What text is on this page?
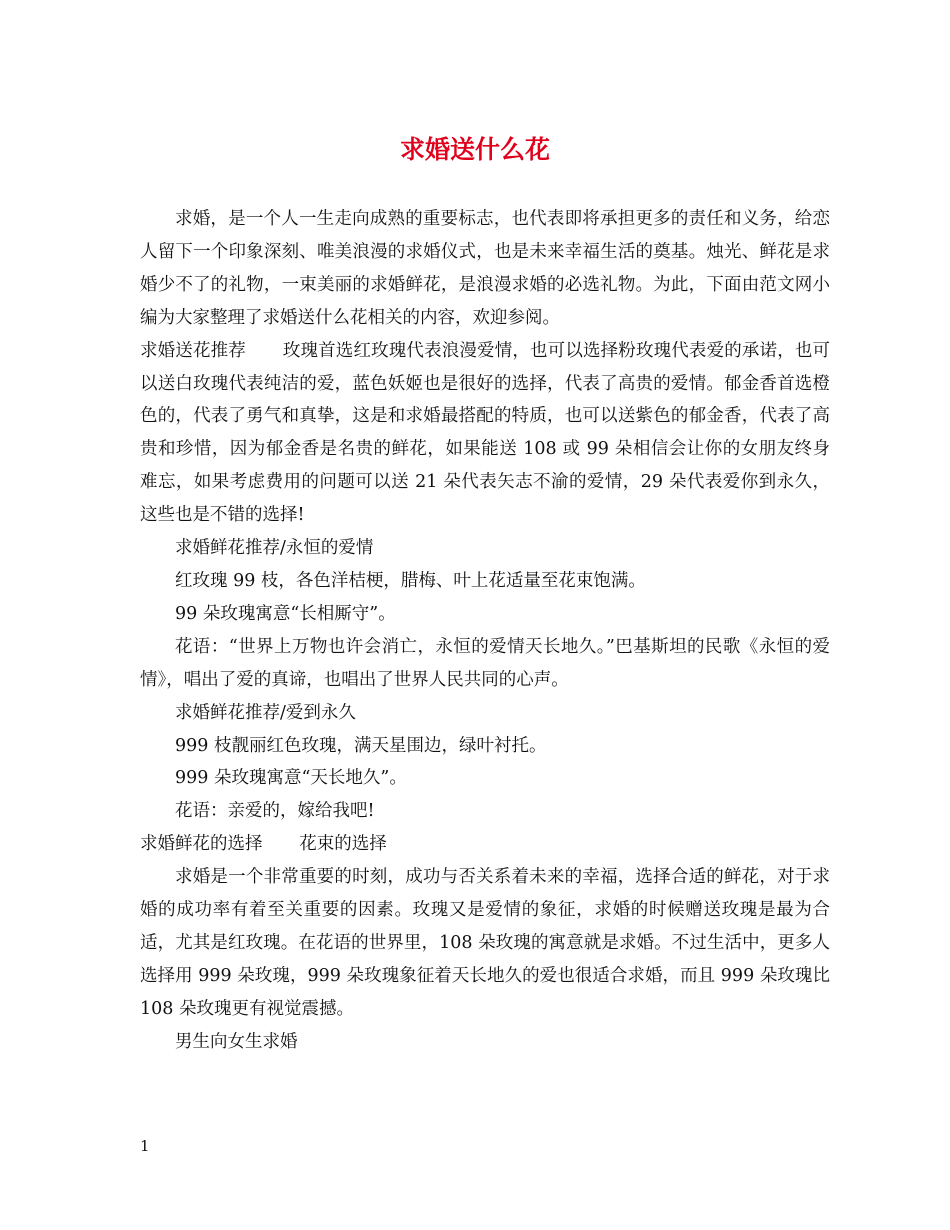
求婚送什么花

求婚，是一个人一生走向成熟的重要标志，也代表即将承担更多的责任和义务，给恋人留下一个印象深刻、唯美浪漫的求婚仪式，也是未来幸福生活的奠基。烛光、鲜花是求婚少不了的礼物，一束美丽的求婚鲜花，是浪漫求婚的必选礼物。为此，下面由范文网小编为大家整理了求婚送什么花相关的内容，欢迎参阅。

求婚送花推荐 玫瑰首选红玫瑰代表浪漫爱情，也可以选择粉玫瑰代表爱的承诺，也可以送白玫瑰代表纯洁的爱，蓝色妖姬也是很好的选择，代表了高贵的爱情。郁金香首选橙色的，代表了勇气和真挚，这是和求婚最搭配的特质，也可以送紫色的郁金香，代表了高贵和珍惜，因为郁金香是名贵的鲜花，如果能送 108 或 99 朵相信会让你的女朋友终身难忘，如果考虑费用的问题可以送 21 朵代表矢志不渝的爱情，29 朵代表爱你到永久，这些也是不错的选择!

求婚鲜花推荐/永恒的爱情

红玫瑰 99 枝，各色洋桔梗，腊梅、叶上花适量至花束饱满。

99 朵玫瑰寓意“长相厮守”。

花语：“世界上万物也许会消亡，永恒的爱情天长地久。”巴基斯坦的民歌《永恒的爱情》，唱出了爱的真谛，也唱出了世界人民共同的心声。

求婚鲜花推荐/爱到永久

999 枝靓丽红色玫瑰，满天星围边，绿叶衬托。

999 朵玫瑰寓意“天长地久”。

花语：亲爱的，嫁给我吧!

求婚鲜花的选择 花束的选择

求婚是一个非常重要的时刻，成功与否关系着未来的幸福，选择合适的鲜花，对于求婚的成功率有着至关重要的因素。玫瑰又是爱情的象征，求婚的时候赠送玫瑰是最为合适，尤其是红玫瑰。在花语的世界里，108 朵玫瑰的寓意就是求婚。不过生活中，更多人选择用 999 朵玫瑰，999 朵玫瑰象征着天长地久的爱也很适合求婚，而且 999 朵玫瑰比 108 朵玫瑰更有视觉震撼。

男生向女生求婚

1
